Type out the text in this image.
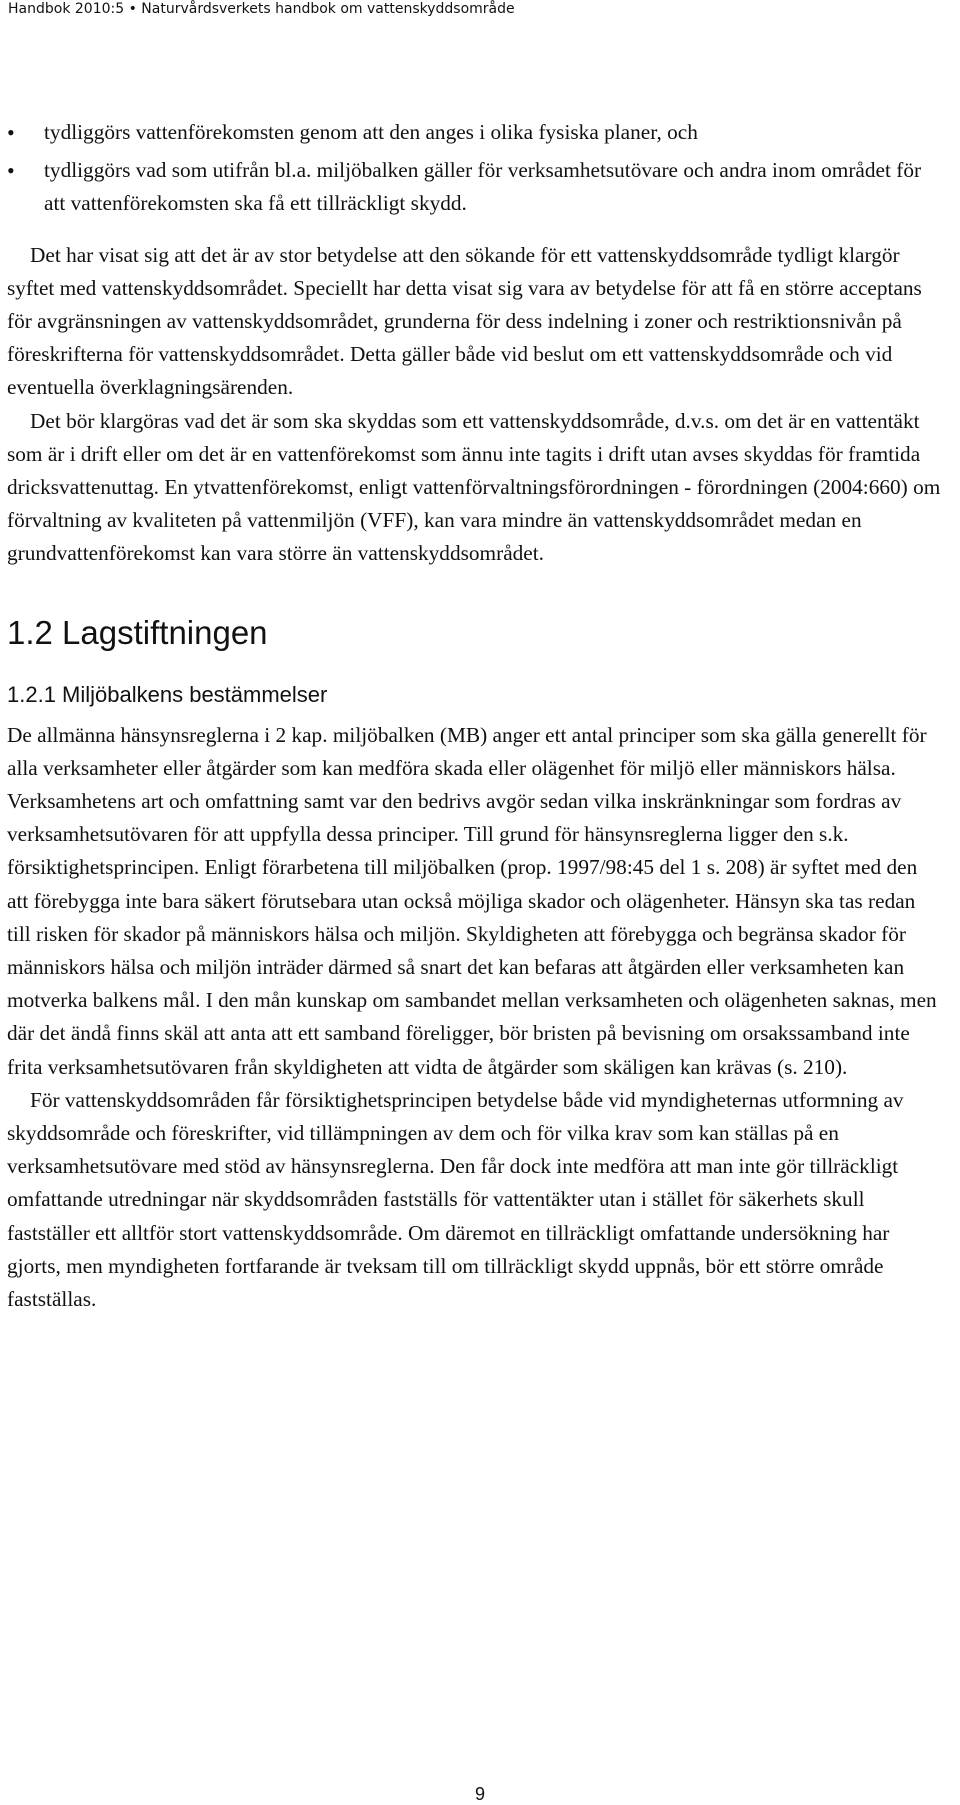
Handbok 2010:5 • Naturvårdsverkets handbok om vattenskyddsområde
• tydliggörs vattenförekomsten genom att den anges i olika fysiska planer, och
• tydliggörs vad som utifrån bl.a. miljöbalken gäller för verksamhetsutövare och andra inom området för att vattenförekomsten ska få ett tillräckligt skydd.

Det har visat sig att det är av stor betydelse att den sökande för ett vattenskyddsområde tydligt klargör syftet med vattenskyddsområdet. Speciellt har detta visat sig vara av betydelse för att få en större acceptans för avgränsningen av vattenskyddsområdet, grunderna för dess indelning i zoner och restriktionsnivån på föreskrifterna för vattenskyddsområdet. Detta gäller både vid beslut om ett vattenskyddsområde och vid eventuella överklagningsärenden.

Det bör klargöras vad det är som ska skyddas som ett vattenskyddsområde, d.v.s. om det är en vattentäkt som är i drift eller om det är en vattenförekomst som ännu inte tagits i drift utan avses skyddas för framtida dricksvattenuttag. En ytvattenförekomst, enligt vattenförvaltningsförordningen - förordningen (2004:660) om förvaltning av kvaliteten på vattenmiljön (VFF), kan vara mindre än vattenskyddsområdet medan en grundvattenförekomst kan vara större än vattenskyddsområdet.

1.2 Lagstiftningen
1.2.1 Miljöbalkens bestämmelser

De allmänna hänsynsreglerna i 2 kap. miljöbalken (MB) anger ett antal principer som ska gälla generellt för alla verksamheter eller åtgärder som kan medföra skada eller olägenhet för miljö eller människors hälsa. Verksamhetens art och omfattning samt var den bedrivs avgör sedan vilka inskränkningar som fordras av verksamhetsutövaren för att uppfylla dessa principer. Till grund för hänsynsreglerna ligger den s.k. försiktighetsprincipen. Enligt förarbetena till miljöbalken (prop. 1997/98:45 del 1 s. 208) är syftet med den att förebygga inte bara säkert förutsebara utan också möjliga skador och olägenheter. Hänsyn ska tas redan till risken för skador på människors hälsa och miljön. Skyldigheten att förebygga och begränsa skador för människors hälsa och miljön inträder därmed så snart det kan befaras att åtgärden eller verksamheten kan motverka balkens mål. I den mån kunskap om sambandet mellan verksamheten och olägenheten saknas, men där det ändå finns skäl att anta att ett samband föreligger, bör bristen på bevisning om orsakssamband inte frita verksamhetsutövaren från skyldigheten att vidta de åtgärder som skäligen kan krävas (s. 210).

För vattenskyddsområden får försiktighetsprincipen betydelse både vid myndigheternas utformning av skyddsområde och föreskrifter, vid tillämpningen av dem och för vilka krav som kan ställas på en verksamhetsutövare med stöd av hänsynsreglerna. Den får dock inte medföra att man inte gör tillräckligt omfattande utredningar när skyddsområden fastställs för vattentäkter utan i stället för säkerhets skull fastställer ett alltför stort vattenskyddsområde. Om däremot en tillräckligt omfattande undersökning har gjorts, men myndigheten fortfarande är tveksam till om tillräckligt skydd uppnås, bör ett större område fastställas.

9
